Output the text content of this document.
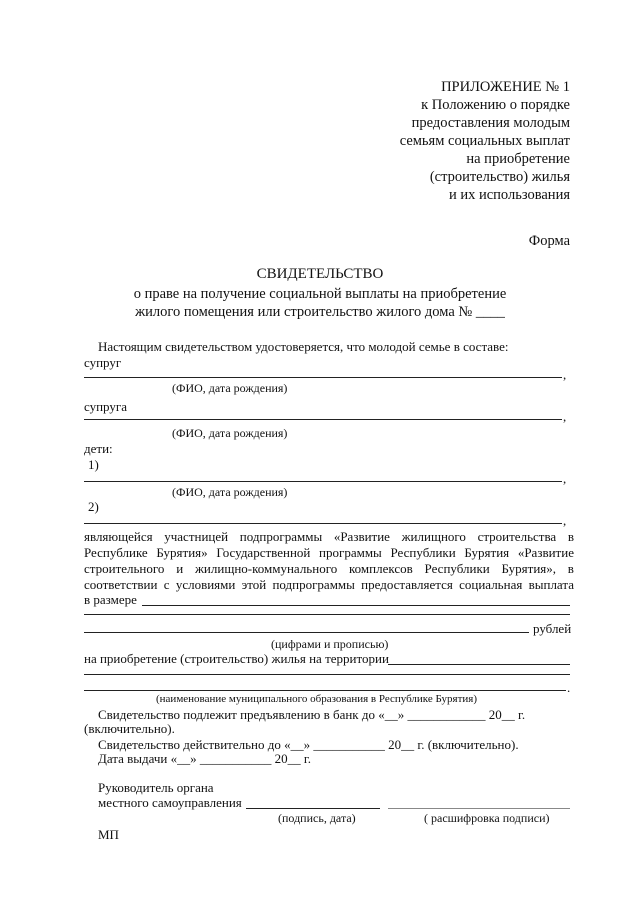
ПРИЛОЖЕНИЕ № 1
к Положению о порядке
предоставления молодым
семьям социальных выплат
на приобретение
(строительство) жилья
и их использования
Форма
СВИДЕТЕЛЬСТВО
о праве на получение социальной выплаты на приобретение
жилого помещения или строительство жилого дома № ____
Настоящим свидетельством удостоверяется, что молодой семье в составе:
супруг
,
(ФИО, дата рождения)
супруга
,
(ФИО, дата рождения)
дети:
1)
,
(ФИО, дата рождения)
2)
,
являющейся участницей подпрограммы «Развитие жилищного строительства в
Республике Бурятия» Государственной программы Республики Бурятия «Развитие
строительного и жилищно-коммунального комплексов Республики Бурятия», в
соответствии с условиями этой подпрограммы предоставляется социальная выплата
в размере
рублей
(цифрами и прописью)
на приобретение (строительство) жилья на территории
.
(наименование муниципального образования в Республике Бурятия)
Свидетельство подлежит предъявлению в банк до «__» ____________ 20__ г.
(включительно).
Свидетельство действительно до «__» ___________ 20__ г. (включительно).
Дата выдачи «__» ___________ 20__ г.
Руководитель органа
местного самоуправления
(подпись, дата)	( расшифровка подписи)
МП
